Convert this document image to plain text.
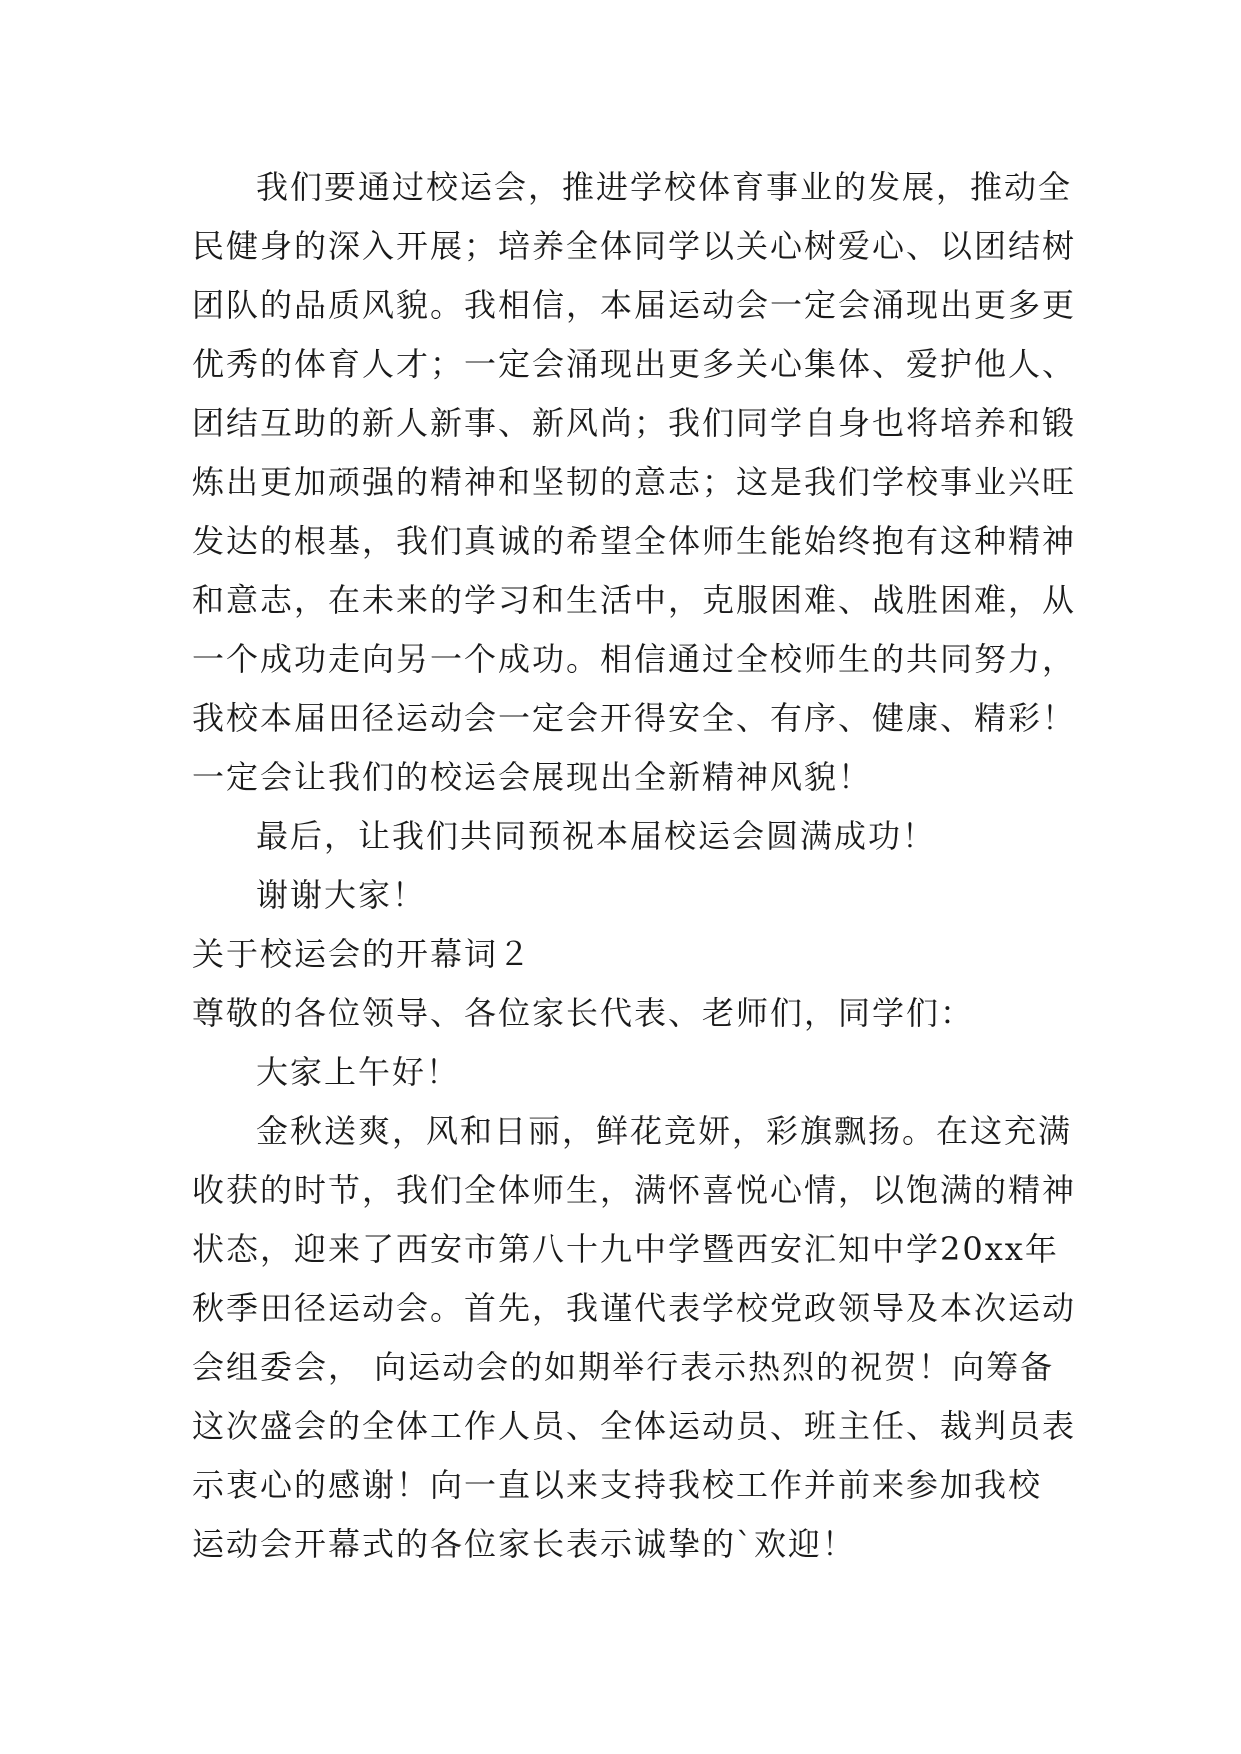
我们要通过校运会，推进学校体育事业的发展，推动全
民健身的深入开展；培养全体同学以关心树爱心、以团结树
团队的品质风貌。我相信，本届运动会一定会涌现出更多更
优秀的体育人才；一定会涌现出更多关心集体、爱护他人、
团结互助的新人新事、新风尚；我们同学自身也将培养和锻
炼出更加顽强的精神和坚韧的意志；这是我们学校事业兴旺
发达的根基，我们真诚的希望全体师生能始终抱有这种精神
和意志，在未来的学习和生活中，克服困难、战胜困难，从
一个成功走向另一个成功。相信通过全校师生的共同努力，
我校本届田径运动会一定会开得安全、有序、健康、精彩！
一定会让我们的校运会展现出全新精神风貌！
最后，让我们共同预祝本届校运会圆满成功！
谢谢大家！
关于校运会的开幕词２
尊敬的各位领导、各位家长代表、老师们，同学们：
大家上午好！
金秋送爽，风和日丽，鲜花竞妍，彩旗飘扬。在这充满
收获的时节，我们全体师生，满怀喜悦心情，以饱满的精神
状态，迎来了西安市第八十九中学暨西安汇知中学20xx年
秋季田径运动会。首先，我谨代表学校党政领导及本次运动
会组委会， 向运动会的如期举行表示热烈的祝贺！向筹备
这次盛会的全体工作人员、全体运动员、班主任、裁判员表
示衷心的感谢！向一直以来支持我校工作并前来参加我校
运动会开幕式的各位家长表示诚挚的`欢迎！
